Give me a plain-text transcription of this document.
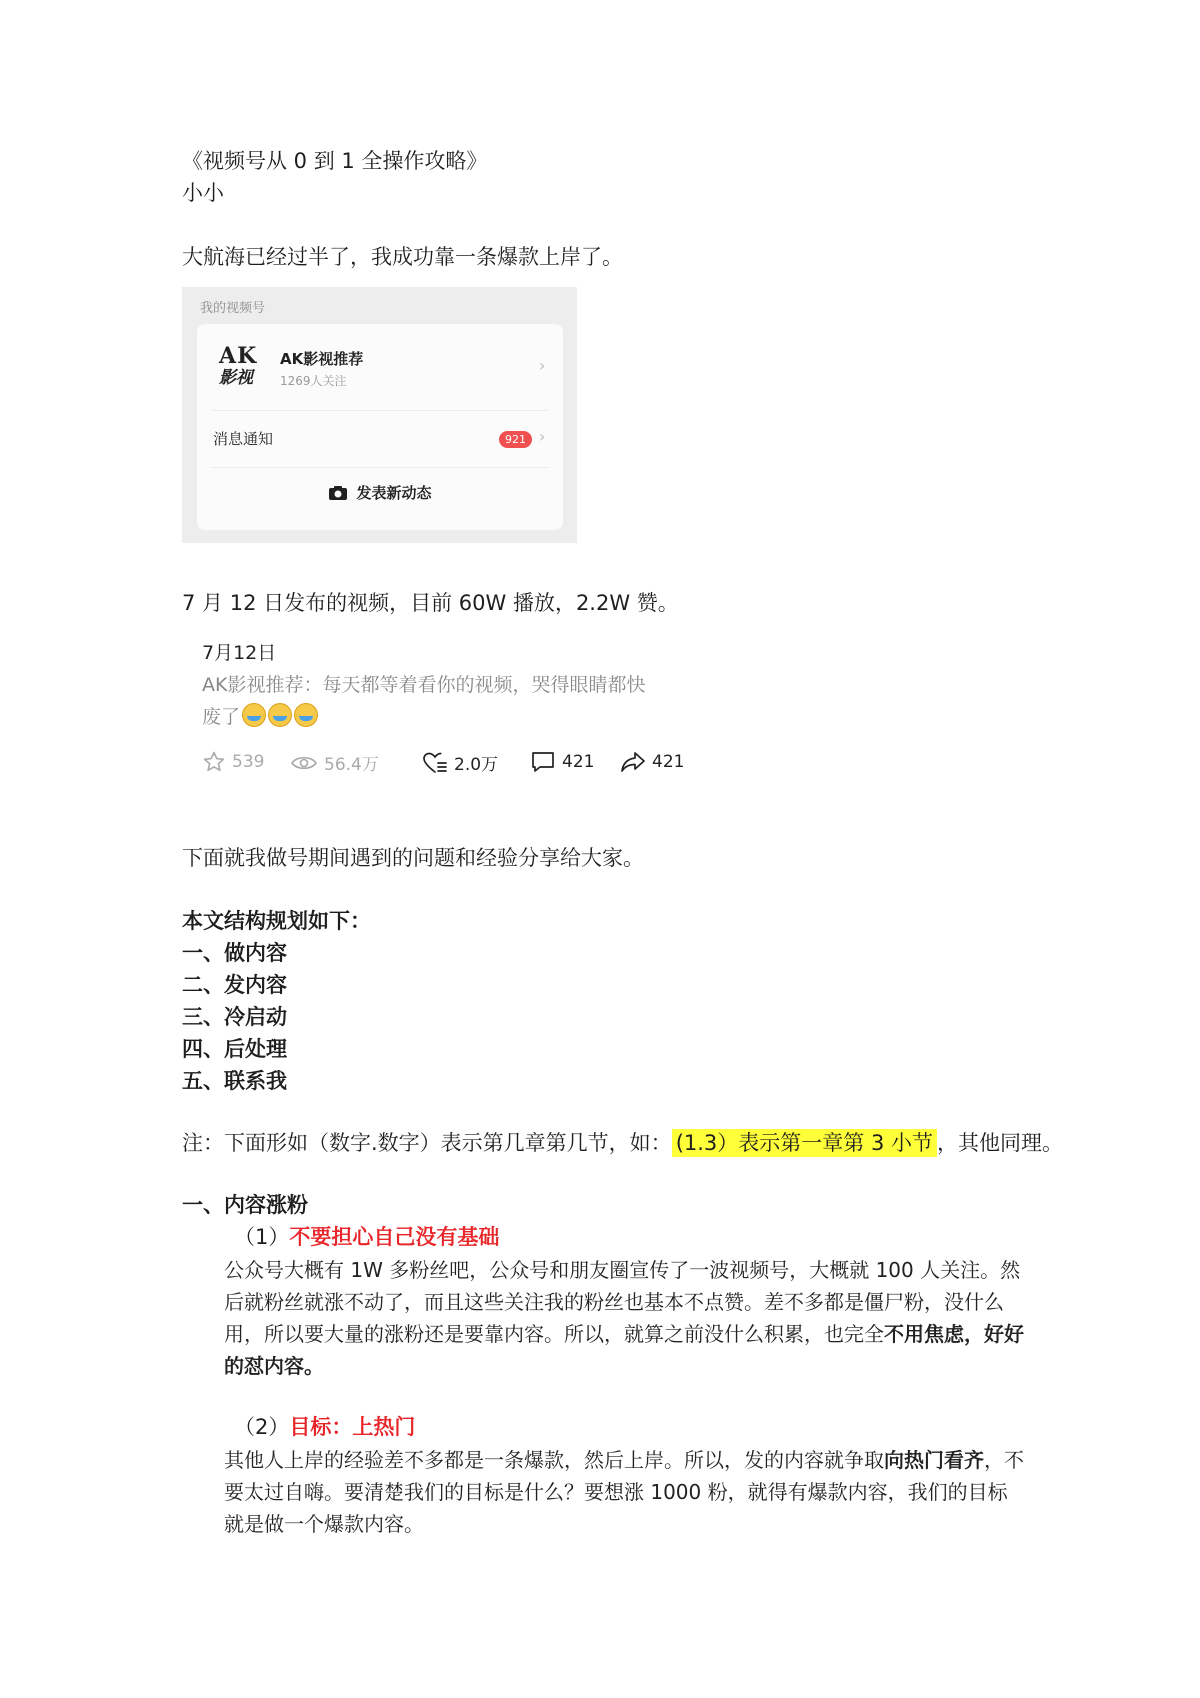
《视频号从 0 到 1 全操作攻略》
小小
大航海已经过半了，我成功靠一条爆款上岸了。
我的视频号
AK
影视
AK影视推荐
1269人关注
›
消息通知	921 ›
发表新动态
7 月 12 日发布的视频，目前 60W 播放，2.2W 赞。
7月12日
AK影视推荐：每天都等着看你的视频，哭得眼睛都快
废了
539	56.4万	2.0万	421	421
下面就我做号期间遇到的问题和经验分享给大家。
本文结构规划如下：
一、做内容
二、发内容
三、冷启动
四、后处理
五、联系我
注：下面形如（数字.数字）表示第几章第几节，如： (1.3）表示第一章第 3 小节 ，其他同理。
一、内容涨粉
（1）不要担心自己没有基础
公众号大概有 1W 多粉丝吧，公众号和朋友圈宣传了一波视频号，大概就 100 人关注。然后就粉丝就涨不动了，而且这些关注我的粉丝也基本不点赞。差不多都是僵尸粉，没什么用，所以要大量的涨粉还是要靠内容。所以，就算之前没什么积累，也完全不用焦虑，好好的怼内容。
（2）目标：上热门
其他人上岸的经验差不多都是一条爆款，然后上岸。所以，发的内容就争取向热门看齐，不要太过自嗨。要清楚我们的目标是什么？要想涨 1000 粉，就得有爆款内容，我们的目标就是做一个爆款内容。
